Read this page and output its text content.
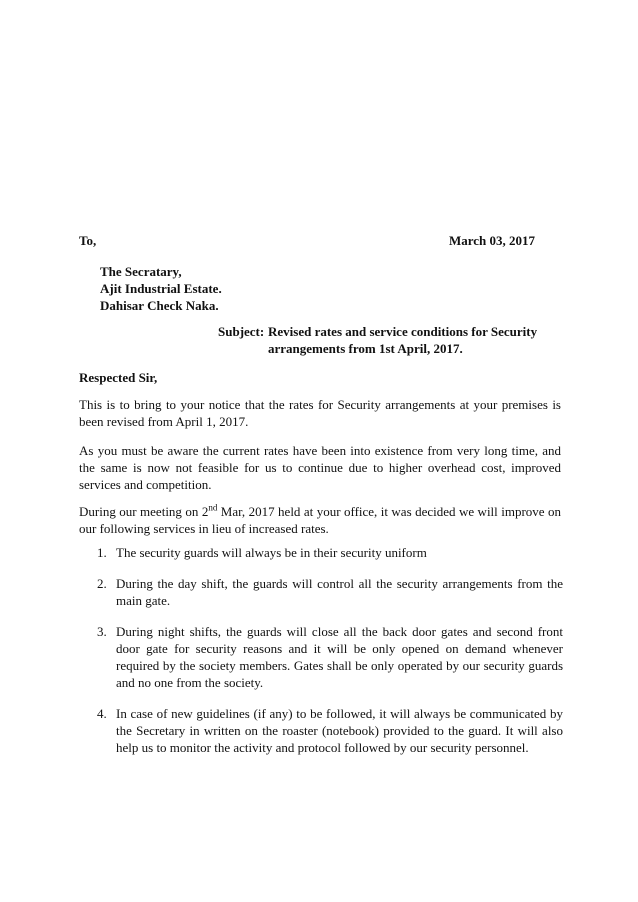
To,	March 03, 2017
The Secratary,
Ajit Industrial Estate.
Dahisar Check Naka.
Subject: Revised rates and service conditions for Security
arrangements from 1st April, 2017.
Respected Sir,
This is to bring to your notice that the rates for Security arrangements at your premises is been revised from April 1, 2017.
As you must be aware the current rates have been into existence from very long time, and the same is now not feasible for us to continue due to higher overhead cost, improved services and competition.
During our meeting on 2nd Mar, 2017 held at your office, it was decided we will improve on our following services in lieu of increased rates.
1. The security guards will always be in their security uniform
2. During the day shift, the guards will control all the security arrangements from the main gate.
3. During night shifts, the guards will close all the back door gates and second front door gate for security reasons and it will be only opened on demand whenever required by the society members. Gates shall be only operated by our security guards and no one from the society.
4. In case of new guidelines (if any) to be followed, it will always be communicated by the Secretary in written on the roaster (notebook) provided to the guard. It will also help us to monitor the activity and protocol followed by our security personnel.
